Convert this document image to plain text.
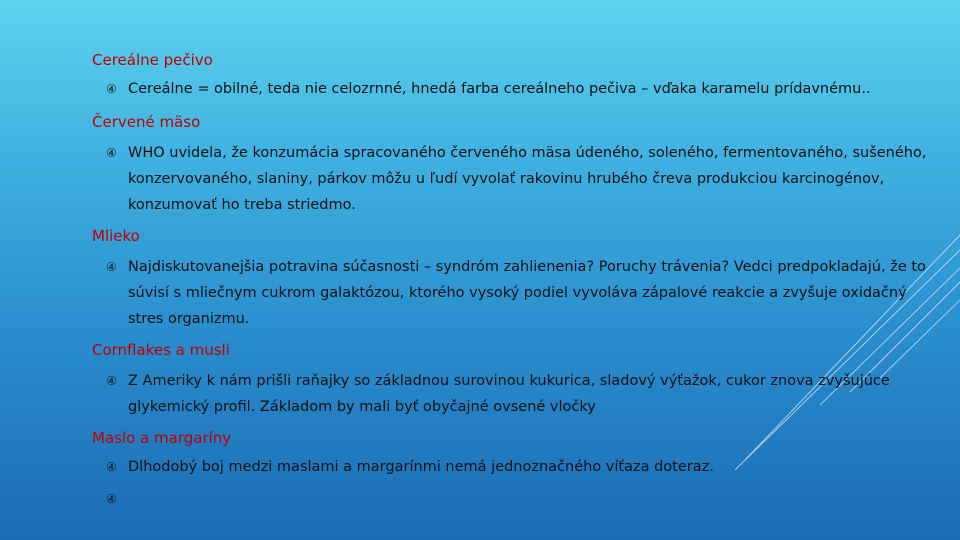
Cereálne pečivo
④ Cereálne = obilné, teda nie celozrnné, hnedá farba cereálneho pečiva – vďaka karamelu prídavnému..
Červené mäso
④ WHO uvidela, že konzumácia spracovaného červeného mäsa údeného, soleného, fermentovaného, sušeného, konzervovaného, slaniny, párkov môžu u ľudí vyvolať rakovinu hrubého čreva produkciou karcinogénov, konzumovať ho treba striedmo.
Mlieko
④ Najdiskutovanejšia potravina súčasnosti – syndróm zahlienenia? Poruchy trávenia? Vedci predpokladajú, že to súvisí s mliečnym cukrom galaktózou, ktorého vysoký podiel vyvoláva zápalové reakcie a zvyšuje oxidačný stres organizmu.
Cornflakes a musli
④ Z Ameriky k nám prišli raňajky so základnou surovinou kukurica, sladový výťažok, cukor znova zvyšujúce glykemický profil. Základom by mali byť obyčajné ovsené vločky
Maslo a margaríny
④ Dlhodobý boj medzi maslami a margarínmi nemá jednoznačného víťaza doteraz.
④
